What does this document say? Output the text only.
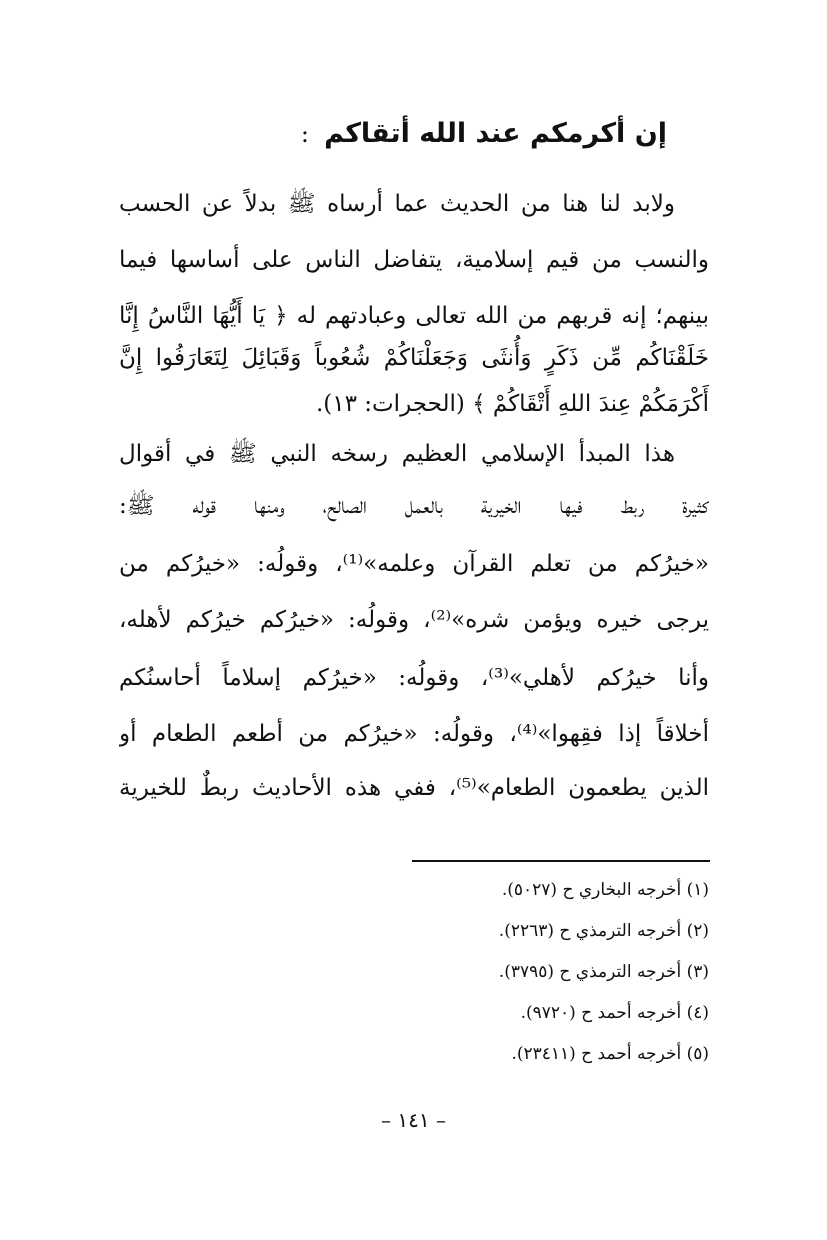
إن أكرمكم عند الله أتقاكم :
ولابد لنا هنا من الحديث عما أرساه ﷺ بدلاً عن الحسب
والنسب من قيم إسلامية، يتفاضل الناس على أساسها فيما
بينهم؛ إنه قربهم من الله تعالى وعبادتهم له ﴿ يَا أَيُّهَا النَّاسُ إِنَّا
خَلَقْنَاكُم مِّن ذَكَرٍ وَأُنثَى وَجَعَلْنَاكُمْ شُعُوباً وَقَبَائِلَ لِتَعَارَفُوا إِنَّ
أَكْرَمَكُمْ عِندَ اللهِ أَتْقَاكُمْ ﴾ (الحجرات: ١٣).
هذا المبدأ الإسلامي العظيم رسخه النبي ﷺ في أقوال
كثيرة ربط فيها الخيرية بالعمل الصالح، ومنها قوله ﷺ:
«خيرُكم من تعلم القرآن وعلمه»⁽¹⁾، وقولُه: «خيرُكم من
يرجى خيره ويؤمن شره»⁽²⁾، وقولُه: «خيرُكم خيرُكم لأهله،
وأنا خيرُكم لأهلي»⁽³⁾، وقولُه: «خيرُكم إسلاماً أحاسنُكم
أخلاقاً إذا فقِهوا»⁽⁴⁾، وقولُه: «خيرُكم من أطعم الطعام أو
الذين يطعمون الطعام»⁽⁵⁾، ففي هذه الأحاديث ربطٌ للخيرية
(١) أخرجه البخاري ح (٥٠٢٧).
(٢) أخرجه الترمذي ح (٢٢٦٣).
(٣) أخرجه الترمذي ح (٣٧٩٥).
(٤) أخرجه أحمد ح (٩٧٢٠).
(٥) أخرجه أحمد ح (٢٣٤١١).
– ١٤١ –
